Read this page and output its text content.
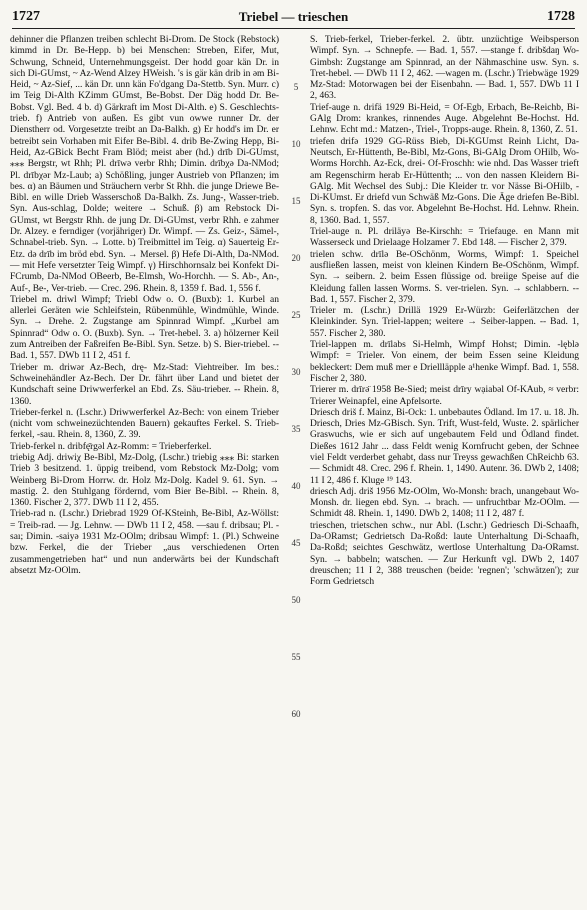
1727	Triebel — trieschen	1728

dehinner die Pflanzen treiben schlecht Bi-Drom. De Stock (Rebstock) kimmd in Dr. Be-Hepp. b) bei Menschen: Streben, Eifer, Mut, Schwung, Schneid, Unternehmungsgeist. Der hodd goar kän Dr. in sich Di-GUmst, ~ Az-Wend Alzey HWeish. 's is gär kän drib in əm Bi-Heid, ~ Az-Sief, ... kän Dr. unn kän Fo'dgang Da-Stettb. Syn. Murr. c) im Teig Di-Alth KZimm GUmst, Be-Bobst. Der Däg hodd Dr. Be-Bobst. Vgl. Bed. 4 b. d) Gärkraft im Most Di-Alth. e) S. Geschlechts-trieb. f) Antrieb von außen. Es gibt vun owwe runner Dr. der Dienstherr od. Vorgesetzte treibt an Da-Balkh. g) Er hodd's im Dr. er betreibt sein Vorhaben mit Eifer Be-Bibl. 4. drib Be-Zwing Hepp, Bi-Heid, Az-GBick Becht Fram Blöd; meist aber (hd.) drīb Di-GUmst, ⁎⁎⁎ Bergstr, wt Rhh; Pl. drīwə verbr Rhh; Dimin. drībχə Da-NMod; Pl. drībχər Mz-Laub; a) Schößling, junger Austrieb von Pflanzen; im bes. α) an Bäumen und Sträuchern verbr St Rhh. die junge Driewe Be-Bibl. en wille Drieb Wasserschoß Da-Balkh. Zs. Jung-, Wasser-trieb. Syn. Aus-schlag, Dolde; weitere → Schuß. β) am Rebstock Di-GUmst, wt Bergstr Rhh. de jung Dr. Di-GUmst, verbr Rhh. e zahmer Dr. Alzey. e ferndiger (vorjähriger) Dr. Wimpf. — Zs. Geiz-, Sämel-, Schnabel-trieb. Syn. → Lotte. b) Treibmittel im Teig. α) Sauerteig Er-Etz. də drīb im bröd ebd. Syn. → Mersel. β) Hefe Di-Alth, Da-NMod. — mit Hefe versetzter Teig Wimpf. γ) Hirschhornsalz bei Konfekt Di-FCrumb, Da-NMod OBeerb, Be-Elmsh, Wo-Horchh. — S. Ab-, An-, Auf-, Be-, Ver-trieb. — Crec. 296. Rhein. 8, 1359 f. Bad. 1, 556 f.

Triebel m. driwl Wimpf; Triebl Odw o. O. (Buxb): 1. Kurbel an allerlei Geräten wie Schleifstein, Rübenmühle, Windmühle, Winde. Syn. → Drehe. 2. Zugstange am Spinnrad Wimpf. „Kurbel am Spinnrad“ Odw o. O. (Buxb). Syn. → Tret-hebel. 3. a) hölzerner Keil zum Antreiben der Faßreifen Be-Bibl. Syn. Setze. b) S. Bier-triebel. -- Bad. 1, 557. DWb 11 I 2, 451 f.

Trieber m. driwər Az-Bech, drę- Mz-Stad: Viehtreiber. Im bes.: Schweinehändler Az-Bech. Der Dr. fährt über Land und bietet der Kundschaft seine Driwwerferkel an Ebd. Zs. Säu-trieber. -- Rhein. 8, 1360.

Trieber-ferkel n. (Lschr.) Driwwerferkel Az-Bech: von einem Trieber (nicht vom schweinezüchtenden Bauern) gekauftes Ferkel. S. Trieb-ferkel, -sau. Rhein. 8, 1360, Z. 39.

Trieb-ferkel n. dribfę̄rgəl Az-Romm: = Trieberferkel.

triebig Adj. driwiχ Be-Bibl, Mz-Dolg, (Lschr.) triebig ⁎⁎⁎ Bi: starken Trieb 3 besitzend. 1. üppig treibend, vom Rebstock Mz-Dolg; vom Weinberg Bi-Drom Horrw. dr. Holz Mz-Dolg. Kadel 9. 61. Syn. → mastig. 2. den Stuhlgang fördernd, vom Bier Be-Bibl. -- Rhein. 8, 1360. Fischer 2, 377. DWb 11 I 2, 455.

Trieb-rad n. (Lschr.) Driebrad 1929 Of-KSteinh, Be-Bibl, Az-Wöllst: = Treib-rad. — Jg. Lehnw. — DWb 11 I 2, 458. —sau f. dribsau; Pl. -saı; Dimin. -saiyə 1931 Mz-OOlm; dribsau Wimpf: 1. (Pl.) Schweine bzw. Ferkel, die der Trieber „aus verschiedenen Orten zusammengetrieben hat“ und nun anderwärts bei der Kundschaft absetzt Mz-OOlm.

5
10
15
20
25
30
35
40
45
50
55
60

S. Trieb-ferkel, Trieber-ferkel. 2. übtr. unzüchtige Weibsperson Wimpf. Syn. → Schnepfe. — Bad. 1, 557. —stange f. dribšdaŋ Wo-Gimbsh: Zugstange am Spinnrad, an der Nähmaschine usw. Syn. s. Tret-hebel. — DWb 11 I 2, 462. —wagen m. (Lschr.) Triebwäge 1929 Mz-Stad: Motorwagen bei der Eisenbahn. — Bad. 1, 557. DWb 11 I 2, 463.

Trief-auge n. drifä 1929 Bi-Heid, = Of-Egb, Erbach, Be-Reichb, Bi-GAlg Drom: krankes, rinnendes Auge. Abgelehnt Be-Hochst. Hd. Lehnw. Echt md.: Matzen-, Triel-, Tropps-auge. Rhein. 8, 1360, Z. 51.

triefen drifə 1929 GG-Rüss Bieb, Di-KGUmst Reinh Licht, Da-Neutsch, Er-Hüttenth, Be-Bibl, Mz-Gons, Bi-GAlg Drom OHilb, Wo-Worms Horchh. Az-Eck, drei- Of-Froschh: wie nhd. Das Wasser trieft am Regenschirm herab Er-Hüttenth; ... von den nassen Kleidern Bi-GAlg. Mit Wechsel des Subj.: Die Kleider tr. vor Nässe Bi-OHilb, - Di-KUmst. Er driefd vun Schwäß Mz-Gons. Die Äge driefen Be-Bibl. Syn. s. tropfen. S. das vor. Abgelehnt Be-Hochst. Hd. Lehnw. Rhein. 8, 1360. Bad. 1, 557.

Triel-auge n. Pl. driläyə Be-Kirschh: = Triefauge. en Mann mit Wasserseck und Drielaage Holzamer 7. Ebd 148. — Fischer 2, 379.

trielen schw. drīlə Be-OSchönm, Worms, Wimpf: 1. Speichel ausfließen lassen, meist von kleinen Kindern Be-OSchönm, Wimpf. Syn. → seibern. 2. beim Essen flüssige od. breiige Speise auf die Kleidung fallen lassen Worms. S. ver-trielen. Syn. → schlabbern. -- Bad. 1, 557. Fischer 2, 379.

Trieler m. (Lschr.) Drillä 1929 Er-Würzb: Geiferlätzchen der Kleinkinder. Syn. Triel-lappen; weitere → Seiber-lappen. -- Bad. 1, 557. Fischer 2, 380.

Triel-lappen m. drīlabs Si-Helmh, Wimpf Hohst; Dimin. -lęblə Wimpf: = Trieler. Von einem, der beim Essen seine Kleidung bekleckert: Dem muß mer e Driellläpple a¹henke Wimpf. Bad. 1, 558. Fischer 2, 380.

Trierer m. drīrə̈ 1958 Be-Sied; meist drīry wạiabəl Of-KAub, ≈ verbr: Trierer Weinapfel, eine Apfelsorte.

Driesch dris̆ f. Mainz, Bi-Ock: 1. unbebautes Ödland. Im 17. u. 18. Jh. Driesch, Dries Mz-GBisch. Syn. Trift, Wust-feld, Wuste. 2. spärlicher Graswuchs, wie er sich auf ungebautem Feld und Ödland findet. Dießes 1612 Jahr ... dass Feldt wenig Kornfrucht geben, der Schnee viel Feldt verderbet gehabt, dass nur Treyss gewachßen ChReichb 63. — Schmidt 48. Crec. 296 f. Rhein. 1, 1490. Autenr. 36. DWb 2, 1408; 11 I 2, 486 f. Kluge ¹⁹ 143.

driesch Adj. driš 1956 Mz-OOlm, Wo-Monsh: brach, unangebaut Wo-Monsh. dr. liegen ebd. Syn. → brach. — unfruchtbar Mz-OOlm. — Schmidt 48. Rhein. 1, 1490. DWb 2, 1408; 11 I 2, 487 f.

trieschen, trietschen schw., nur Abl. (Lschr.) Gedriesch Di-Schaafh, Da-ORamst; Gedrietsch Da-Roßd: laute Unterhaltung Di-Schaafh, Da-Roßd; seichtes Geschwätz, wertlose Unterhaltung Da-ORamst. Syn. → babbeln; watschen. — Zur Herkunft vgl. DWb 2, 1407 dreuschen; 11 I 2, 388 treuschen (beide: 'regnen'; 'schwätzen'); zur Form Gedrietsch
